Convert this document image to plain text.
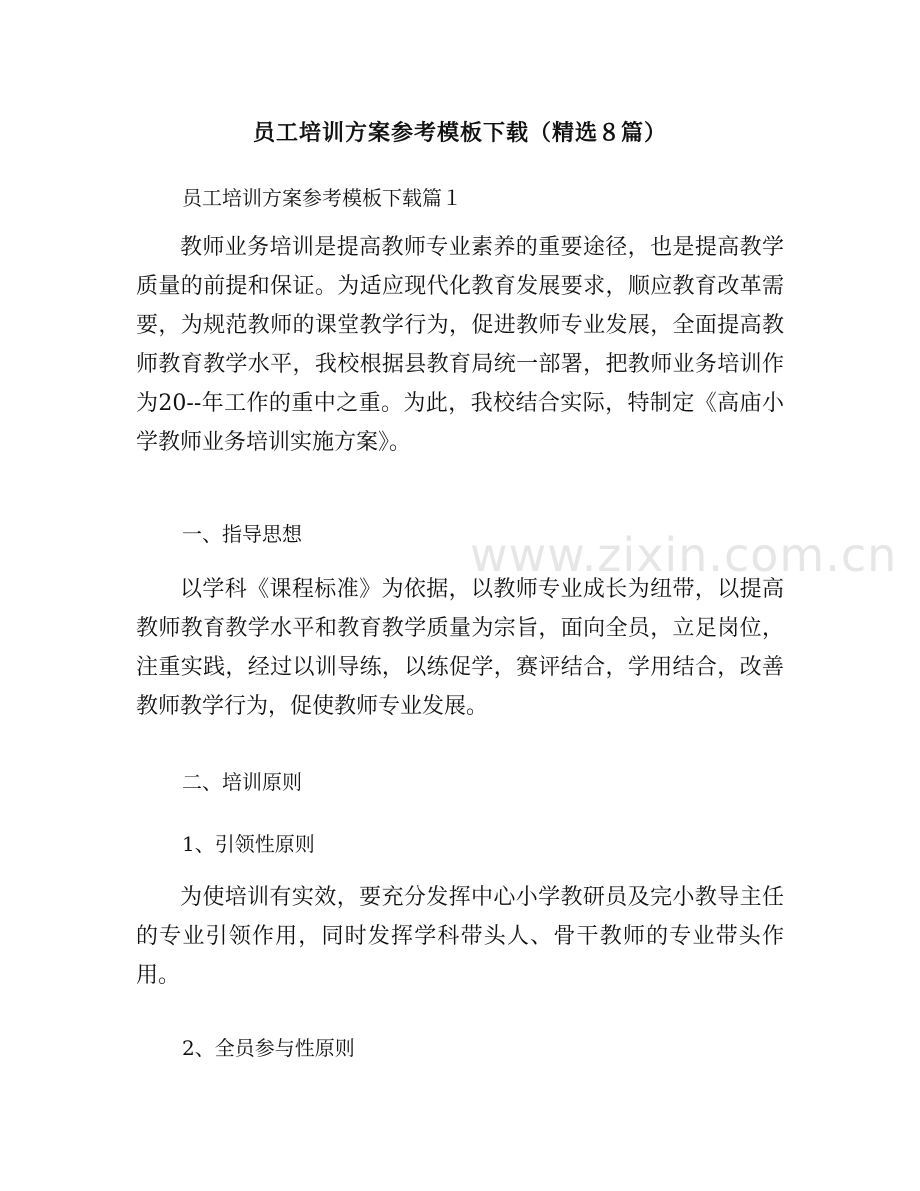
www.zixin.com.cn
员工培训方案参考模板下载（精选８篇）
员工培训方案参考模板下载篇１

教师业务培训是提高教师专业素养的重要途径，也是提高教学质量的前提和保证。为适应现代化教育发展要求，顺应教育改革需要，为规范教师的课堂教学行为，促进教师专业发展，全面提高教师教育教学水平，我校根据县教育局统一部署，把教师业务培训作为20--年工作的重中之重。为此，我校结合实际，特制定《高庙小学教师业务培训实施方案》。

一、指导思想

以学科《课程标准》为依据，以教师专业成长为纽带，以提高教师教育教学水平和教育教学质量为宗旨，面向全员，立足岗位，注重实践，经过以训导练，以练促学，赛评结合，学用结合，改善教师教学行为，促使教师专业发展。

二、培训原则
1、引领性原则

为使培训有实效，要充分发挥中心小学教研员及完小教导主任的专业引领作用，同时发挥学科带头人、骨干教师的专业带头作用。

2、全员参与性原则
